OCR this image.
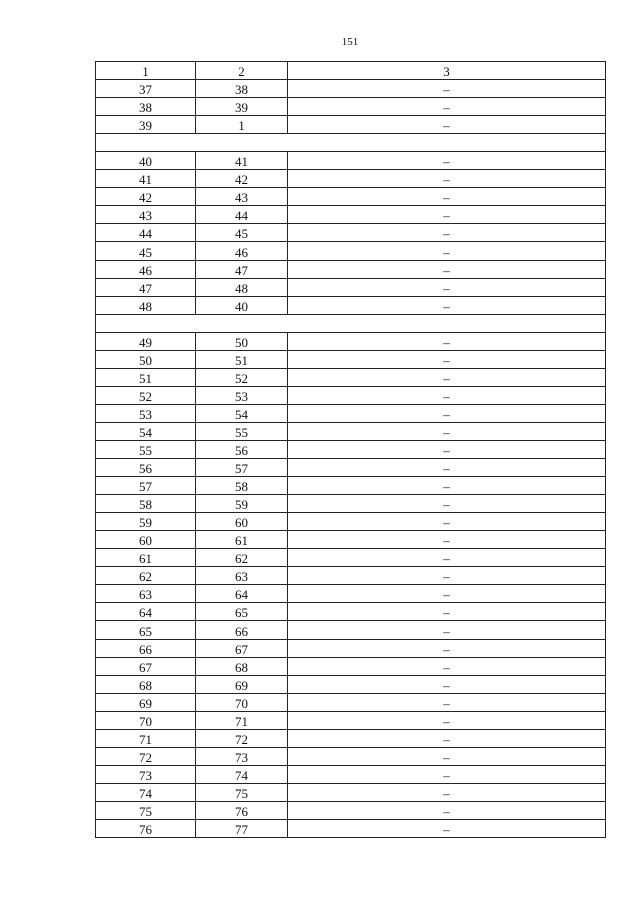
151
1	2	3
37	38	–
38	39	–
39	1	–

40	41	–
41	42	–
42	43	–
43	44	–
44	45	–
45	46	–
46	47	–
47	48	–
48	40	–

49	50	–
50	51	–
51	52	–
52	53	–
53	54	–
54	55	–
55	56	–
56	57	–
57	58	–
58	59	–
59	60	–
60	61	–
61	62	–
62	63	–
63	64	–
64	65	–
65	66	–
66	67	–
67	68	–
68	69	–
69	70	–
70	71	–
71	72	–
72	73	–
73	74	–
74	75	–
75	76	–
76	77	–
